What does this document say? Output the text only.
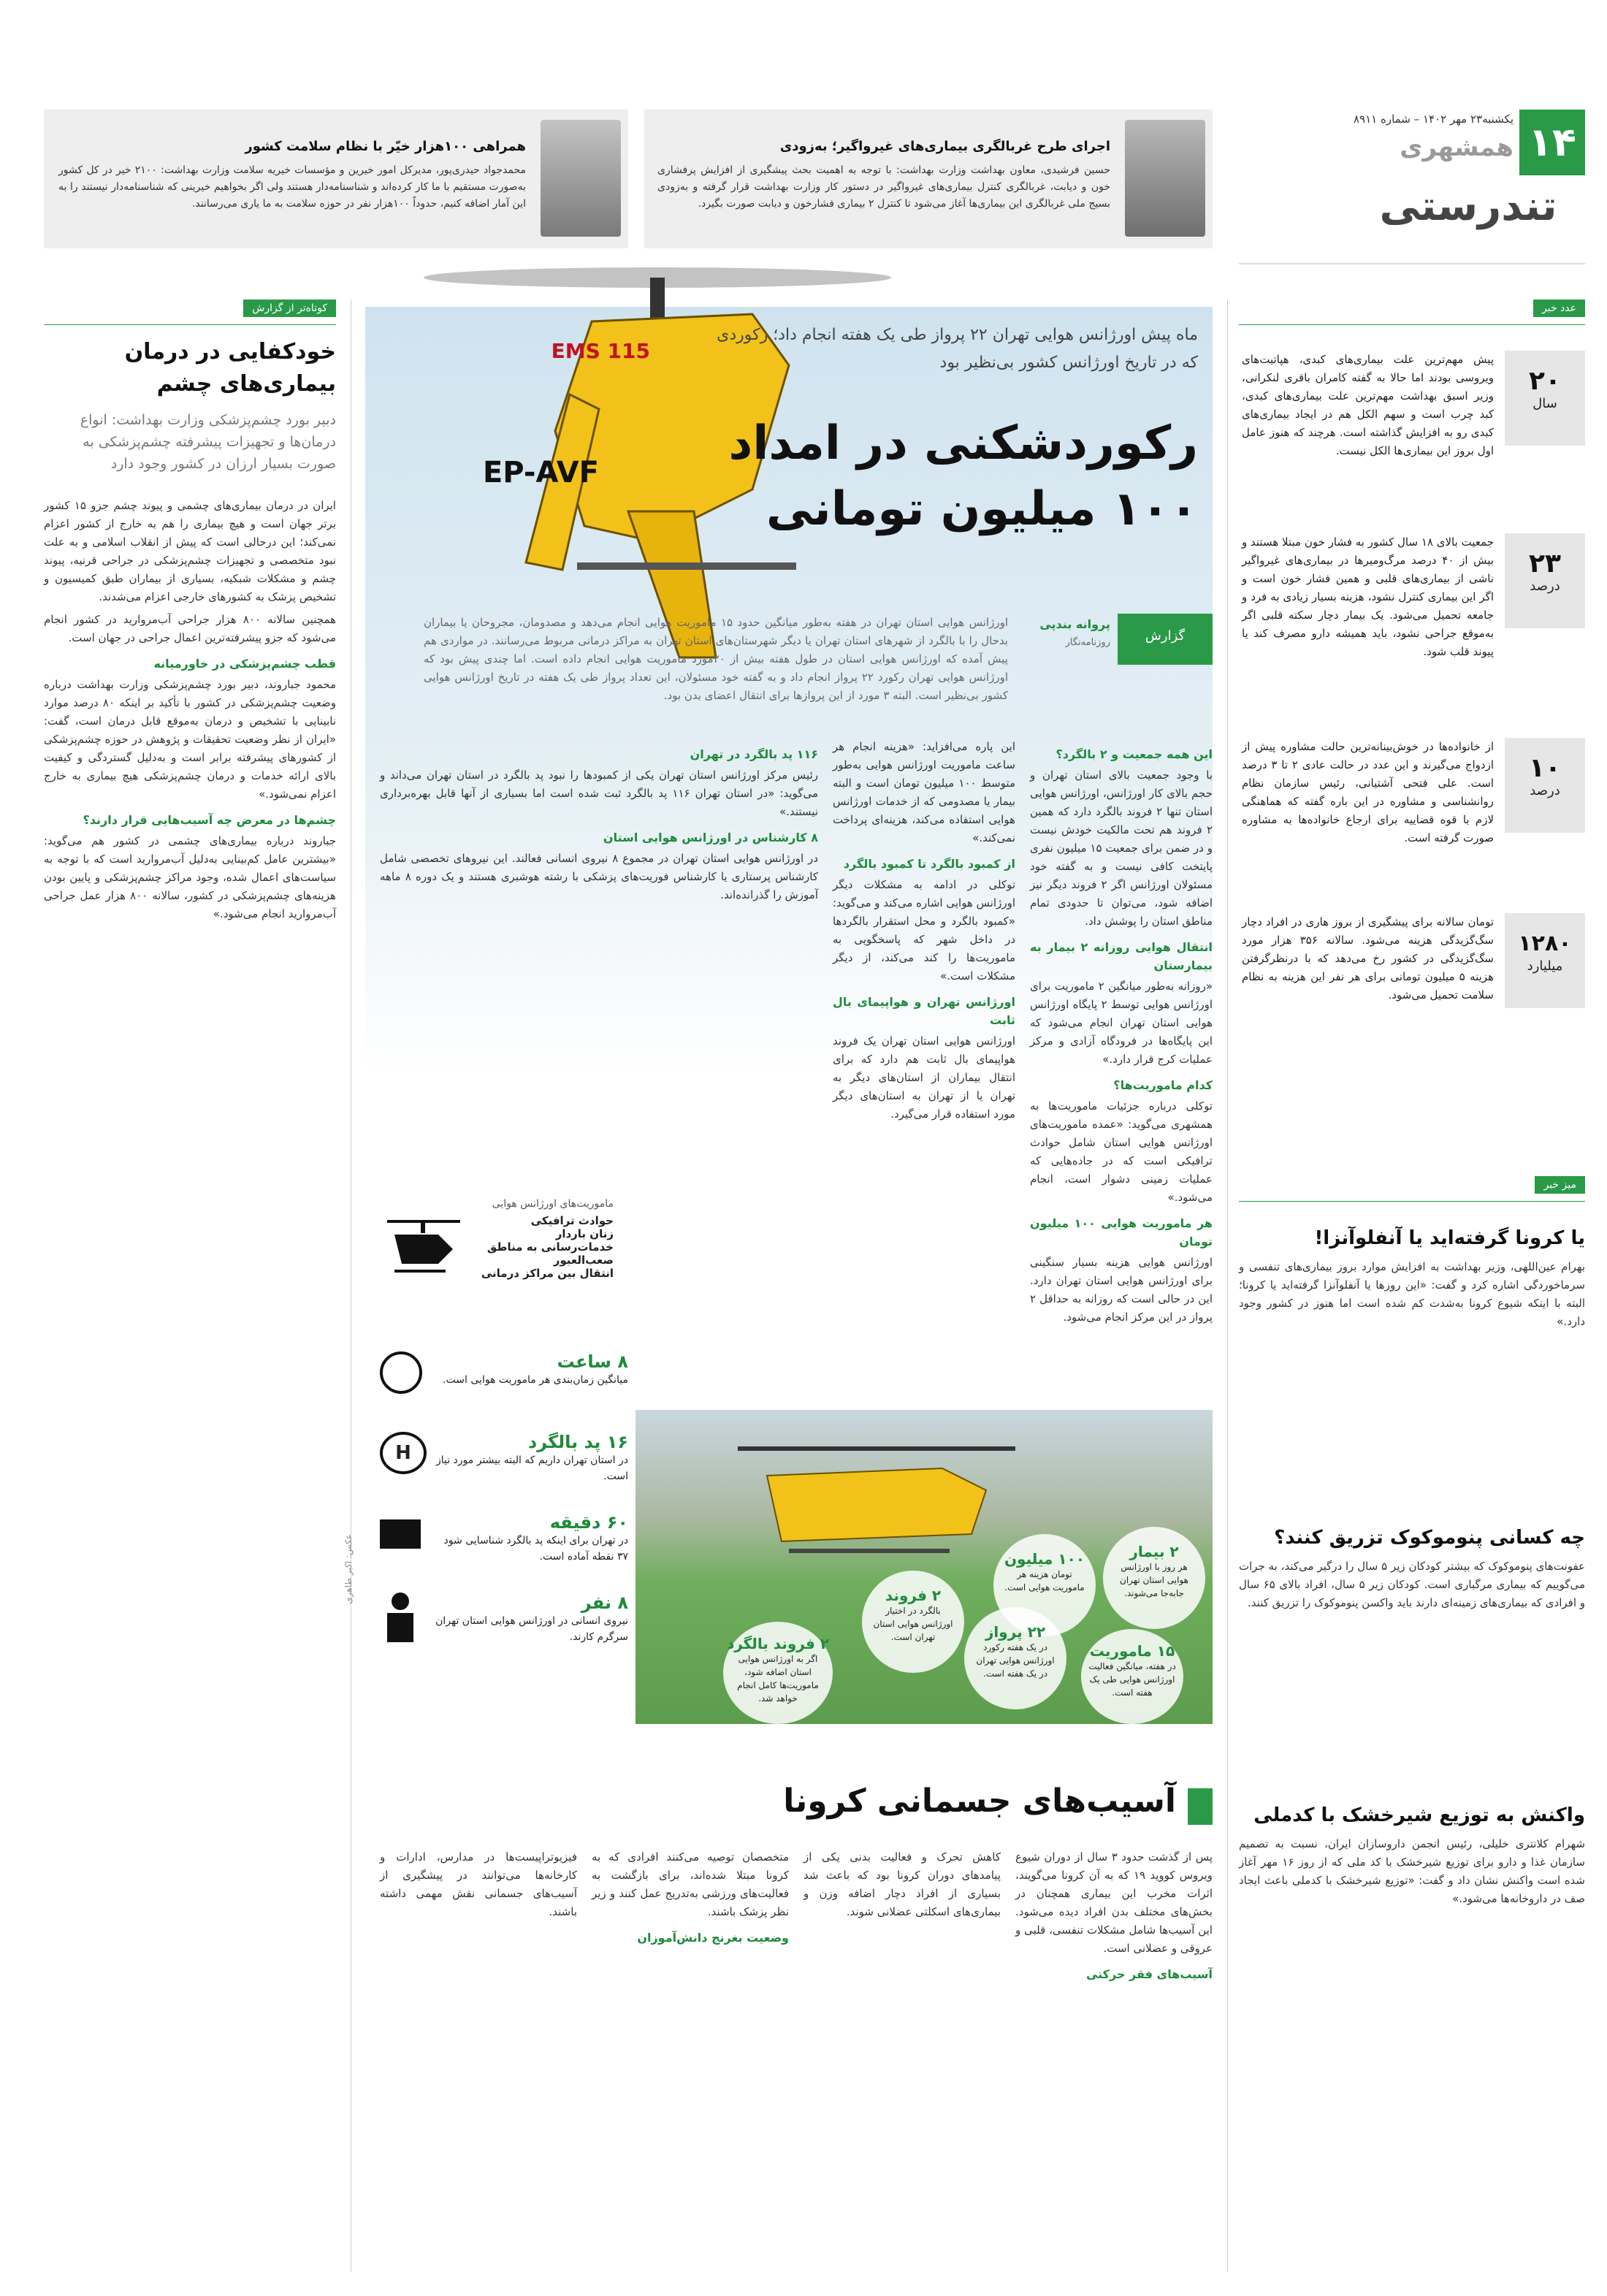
۱۴
یکشنبه۲۳ مهر ۱۴۰۲ – شماره ۸۹۱۱
همشهری
تندرستی
اجرای طرح غربالگری بیماری‌های غیرواگیر؛ به‌زودی
حسین فرشیدی، معاون بهداشت وزارت بهداشت: با توجه به اهمیت بحث پیشگیری از افزایش پرفشاری خون و دیابت، غربالگری کنترل بیماری‌های غیرواگیر در دستور کار وزارت بهداشت قرار گرفته و به‌زودی بسیج ملی غربالگری این بیماری‌ها آغاز می‌شود تا کنترل ۲ بیماری فشارخون و دیابت صورت بگیرد.
همراهی ۱۰۰هزار خیّر با نظام سلامت کشور
محمدجواد حیدری‌پور، مدیرکل امور خیرین و مؤسسات خیریه سلامت وزارت بهداشت: ۲۱۰۰ خیر در کل کشور به‌صورت مستقیم با ما کار کرده‌اند و شناسنامه‌دار هستند ولی اگر بخواهیم خیرینی که شناسنامه‌دار نیستند را به این آمار اضافه کنیم، حدوداً ۱۰۰هزار نفر در حوزه سلامت به ما یاری می‌رسانند.
عدد خبر
۲۰
سال
پیش مهم‌ترین علت بیماری‌های کبدی، هپاتیت‌های ویروسی بودند اما حالا به گفته کامران باقری لنکرانی، وزیر اسبق بهداشت مهم‌ترین علت بیماری‌های کبدی، کبد چرب است و سهم الکل هم در ایجاد بیماری‌های کبدی رو به افزایش گذاشته است. هرچند که هنوز عامل اول بروز این بیماری‌ها الکل نیست.
۲۳
درصد
جمعیت بالای ۱۸ سال کشور به فشار خون مبتلا هستند و بیش از ۴۰ درصد مرگ‌ومیرها در بیماری‌های غیرواگیر ناشی از بیماری‌های قلبی و همین فشار خون است و اگر این بیماری کنترل نشود، هزینه بسیار زیادی به فرد و جامعه تحمیل می‌شود. یک بیمار دچار سکته قلبی اگر به‌موقع جراحی نشود، باید همیشه دارو مصرف کند یا پیوند قلب شود.
۱۰
درصد
از خانواده‌ها در خوش‌بینانه‌ترین حالت مشاوره پیش از ازدواج می‌گیرند و این عدد در حالت عادی ۲ تا ۳ درصد است. علی فتحی آشتیانی، رئیس سازمان نظام روانشناسی و مشاوره در این باره گفته که هماهنگی لازم با قوه قضاییه برای ارجاع خانواده‌ها به مشاوره صورت گرفته است.
۱۲۸۰
میلیارد
تومان سالانه برای پیشگیری از بروز هاری در افراد دچار سگ‌گزیدگی هزینه می‌شود. سالانه ۳۵۶ هزار مورد سگ‌گزیدگی در کشور رخ می‌دهد که با درنظرگرفتن هزینه ۵ میلیون تومانی برای هر نفر این هزینه به نظام سلامت تحمیل می‌شود.
میز خبر
یا کرونا گرفته‌اید یا آنفلوآنزا!
بهرام عین‌اللهی، وزیر بهداشت به افزایش موارد بروز بیماری‌های تنفسی و سرماخوردگی اشاره کرد و گفت: «این روزها یا آنفلوآنزا گرفته‌اید یا کرونا؛ البته با اینکه شیوع کرونا به‌شدت کم شده است اما هنوز در کشور وجود دارد.»
چه کسانی پنوموکوک تزریق کنند؟
عفونت‌های پنوموکوک که بیشتر کودکان زیر ۵ سال را درگیر می‌کند، به جرات می‌گوییم که بیماری مرگباری است. کودکان زیر ۵ سال، افراد بالای ۶۵ سال و افرادی که بیماری‌های زمینه‌ای دارند باید واکسن پنوموکوک را تزریق کنند.
واکنش به توزیع شیرخشک با کدملی
شهرام کلانتری خلیلی، رئیس انجمن داروسازان ایران، نسبت به تصمیم سازمان غذا و دارو برای توزیع شیرخشک با کد ملی که از روز ۱۶ مهر آغاز شده است واکنش نشان داد و گفت: «توزیع شیرخشک با کدملی باعث ایجاد صف در داروخانه‌ها می‌شود.»
کوتاه‌تر از گزارش
خودکفایی در درمان بیماری‌های چشم
دبیر بورد چشم‌پزشکی وزارت بهداشت: انواع درمان‌ها و تجهیزات پیشرفته چشم‌پزشکی به صورت بسیار ارزان در کشور وجود دارد

ایران در درمان بیماری‌های چشمی و پیوند چشم جزو ۱۵ کشور برتر جهان است و هیچ بیماری را هم به خارج از کشور اعزام نمی‌کند؛ این درحالی است که پیش از انقلاب اسلامی و به علت نبود متخصصی و تجهیزات چشم‌پزشکی در جراحی قرنیه، پیوند چشم و مشکلات شبکیه، بسیاری از بیماران طبق کمیسیون و تشخیص پزشک به کشورهای خارجی اعزام می‌شدند.

همچنین سالانه ۸۰۰ هزار جراحی آب‌مروارید در کشور انجام می‌شود که جزو پیشرفته‌ترین اعمال جراحی در جهان است.

قطب چشم‌پزشکی در خاورمیانه

محمود جباروند، دبیر بورد چشم‌پزشکی وزارت بهداشت درباره وضعیت چشم‌پزشکی در کشور با تأکید بر اینکه ۸۰ درصد موارد نابینایی با تشخیص و درمان به‌موقع قابل درمان است، گفت: «ایران از نظر وضعیت تحقیقات و پژوهش در حوزه چشم‌پزشکی از کشورهای پیشرفته برابر است و به‌دلیل گستردگی و کیفیت بالای ارائه خدمات و درمان چشم‌پزشکی هیچ بیماری به خارج اعزام نمی‌شود.»

چشم‌ها در معرض چه آسیب‌هایی قرار دارند؟

جباروند درباره بیماری‌های چشمی در کشور هم می‌گوید: «بیشترین عامل کم‌بینایی به‌دلیل آب‌مروارید است که با توجه به سیاست‌های اعمال شده، وجود مراکز چشم‌پزشکی و پایین بودن هزینه‌های چشم‌پزشکی در کشور، سالانه ۸۰۰ هزار عمل جراحی آب‌مروارید انجام می‌شود.»

EP-AVF
115 EMS
ماه پیش اورژانس هوایی تهران ۲۲ پرواز طی یک هفته انجام داد؛ رکوردی که در تاریخ اورژانس کشور بی‌نظیر بود
رکوردشکنی در امداد
۱۰۰ میلیون تومانی
گزارش
پروانه بندپی
روزنامه‌نگار
اورژانس هوایی استان تهران در هفته به‌طور میانگین حدود ۱۵ ماموریت هوایی انجام می‌دهد و مصدومان، مجروحان یا بیماران بدحال را با بالگرد از شهرهای استان تهران یا دیگر شهرستان‌های استان تهران به مراکز درمانی مربوط می‌رسانند. در مواردی هم پیش آمده که اورژانس هوایی استان در طول هفته بیش از ۲۰مورد ماموریت هوایی انجام داده است. اما چندی پیش بود که اورژانس هوایی تهران رکورد ۲۲ پرواز انجام داد و به گفته خود مسئولان، این تعداد پرواز طی یک هفته در تاریخ اورژانس هوایی کشور بی‌نظیر است. البته ۳ مورد از این پروازها برای انتقال اعضای بدن بود.
این همه جمعیت و ۲ بالگرد؟

با وجود جمعیت بالای استان تهران و حجم بالای کار اورژانس، اورژانس هوایی استان تنها ۲ فروند بالگرد دارد که همین ۲ فروند هم تحت مالکیت خودش نیست و در ضمن برای جمعیت ۱۵ میلیون نفری پایتخت کافی نیست و به گفته خود مسئولان اورژانس اگر ۲ فروند دیگر نیز اضافه شود، می‌توان تا حدودی تمام مناطق استان را پوشش داد.

انتقال هوایی روزانه ۲ بیمار به بیمارستان

«روزانه به‌طور میانگین ۲ ماموریت برای اورژانس هوایی توسط ۲ پایگاه اورژانس هوایی استان تهران انجام می‌شود که این پایگاه‌ها در فرودگاه آزادی و مرکز عملیات کرج قرار دارد.»

کدام ماموریت‌ها؟

توکلی درباره جزئیات ماموریت‌ها به همشهری می‌گوید: «عمده ماموریت‌های اورژانس هوایی استان شامل حوادث ترافیکی است که در جاده‌هایی که عملیات زمینی دشوار است، انجام می‌شود.»

هر ماموریت هوایی ۱۰۰ میلیون تومان

اورژانس هوایی هزینه بسیار سنگینی برای اورژانس هوایی استان تهران دارد. این در حالی است که روزانه به حداقل ۲ پرواز در این مرکز انجام می‌شود.

این پاره می‌افزاید: «هزینه انجام هر ساعت ماموریت اورژانس هوایی به‌طور متوسط ۱۰۰ میلیون تومان است و البته بیمار یا مصدومی که از خدمات اورژانس هوایی استفاده می‌کند، هزینه‌ای پرداخت نمی‌کند.»

از کمبود بالگرد تا کمبود بالگرد

توکلی در ادامه به مشکلات دیگر اورژانس هوایی اشاره می‌کند و می‌گوید: «کمبود بالگرد و محل استقرار بالگردها در داخل شهر که پاسخگویی به ماموریت‌ها را کند می‌کند، از دیگر مشکلات است.»

اورژانس تهران و هواپیمای بال ثابت

اورژانس هوایی استان تهران یک فروند هواپیمای بال ثابت هم دارد که برای انتقال بیماران از استان‌های دیگر به تهران یا از تهران به استان‌های دیگر مورد استفاده قرار می‌گیرد.

۱۱۶ پد بالگرد در تهران

رئیس مرکز اورژانس استان تهران یکی از کمبودها را نبود پد بالگرد در استان تهران می‌داند و می‌گوید: «در استان تهران ۱۱۶ پد بالگرد ثبت شده است اما بسیاری از آنها قابل بهره‌برداری نیستند.»

۸ کارشناس در اورژانس هوایی استان

در اورژانس هوایی استان تهران در مجموع ۸ نیروی انسانی فعالند. این نیروهای تخصصی شامل کارشناس پرستاری یا کارشناس فوریت‌های پزشکی با رشته هوشبری هستند و یک دوره ۸ ماهه آموزش را گذرانده‌اند.

ماموریت‌های اورژانس هوایی
حوادث ترافیکی
زنان باردار
خدمات‌رسانی به مناطق صعب‌العبور
انتقال بین مراکز درمانی
۸ ساعت
میانگین زمان‌بندی هر ماموریت هوایی است.
H	۱۶ پد بالگرد
در استان تهران داریم که البته بیشتر مورد نیاز است.
۶۰ دقیقه
در تهران برای اینکه پد بالگرد شناسایی شود ۳۷ نقطه آماده است.
۸ نفر
نیروی انسانی در اورژانس هوایی استان تهران سرگرم کارند.
۲ بیمار
هر روز با اورژانس هوایی استان تهران جابه‌جا می‌شوند.
۱۰۰ میلیون
تومان هزینه هر ماموریت هوایی است.
۲ فروند
بالگرد در اختیار اورژانس هوایی استان تهران است.	۲۲ پرواز
در یک هفته رکورد اورژانس هوایی تهران در یک هفته است.
۱۵ ماموریت
در هفته، میانگین فعالیت اورژانس هوایی طی یک هفته است.
۲ فروند بالگرد
اگر به اورژانس هوایی استان اضافه شود، ماموریت‌ها کامل انجام خواهد شد.
عکس: اکبر طاهری
آسیب‌های جسمانی کرونا

پس از گذشت حدود ۳ سال از دوران شیوع ویروس کووید ۱۹ که به آن کرونا می‌گویند، اثرات مخرب این بیماری همچنان در بخش‌های مختلف بدن افراد دیده می‌شود. این آسیب‌ها شامل مشکلات تنفسی، قلبی و عروقی و عضلانی است.

آسیب‌های فقر حرکتی

کاهش تحرک و فعالیت بدنی یکی از پیامدهای دوران کرونا بود که باعث شد بسیاری از افراد دچار اضافه وزن و بیماری‌های اسکلتی عضلانی شوند.

متخصصان توصیه می‌کنند افرادی که به کرونا مبتلا شده‌اند، برای بازگشت به فعالیت‌های ورزشی به‌تدریج عمل کنند و زیر نظر پزشک باشند.

وضعیت بغرنج دانش‌آموزان

فیزیوتراپیست‌ها در مدارس، ادارات و کارخانه‌ها می‌توانند در پیشگیری از آسیب‌های جسمانی نقش مهمی داشته باشند.
